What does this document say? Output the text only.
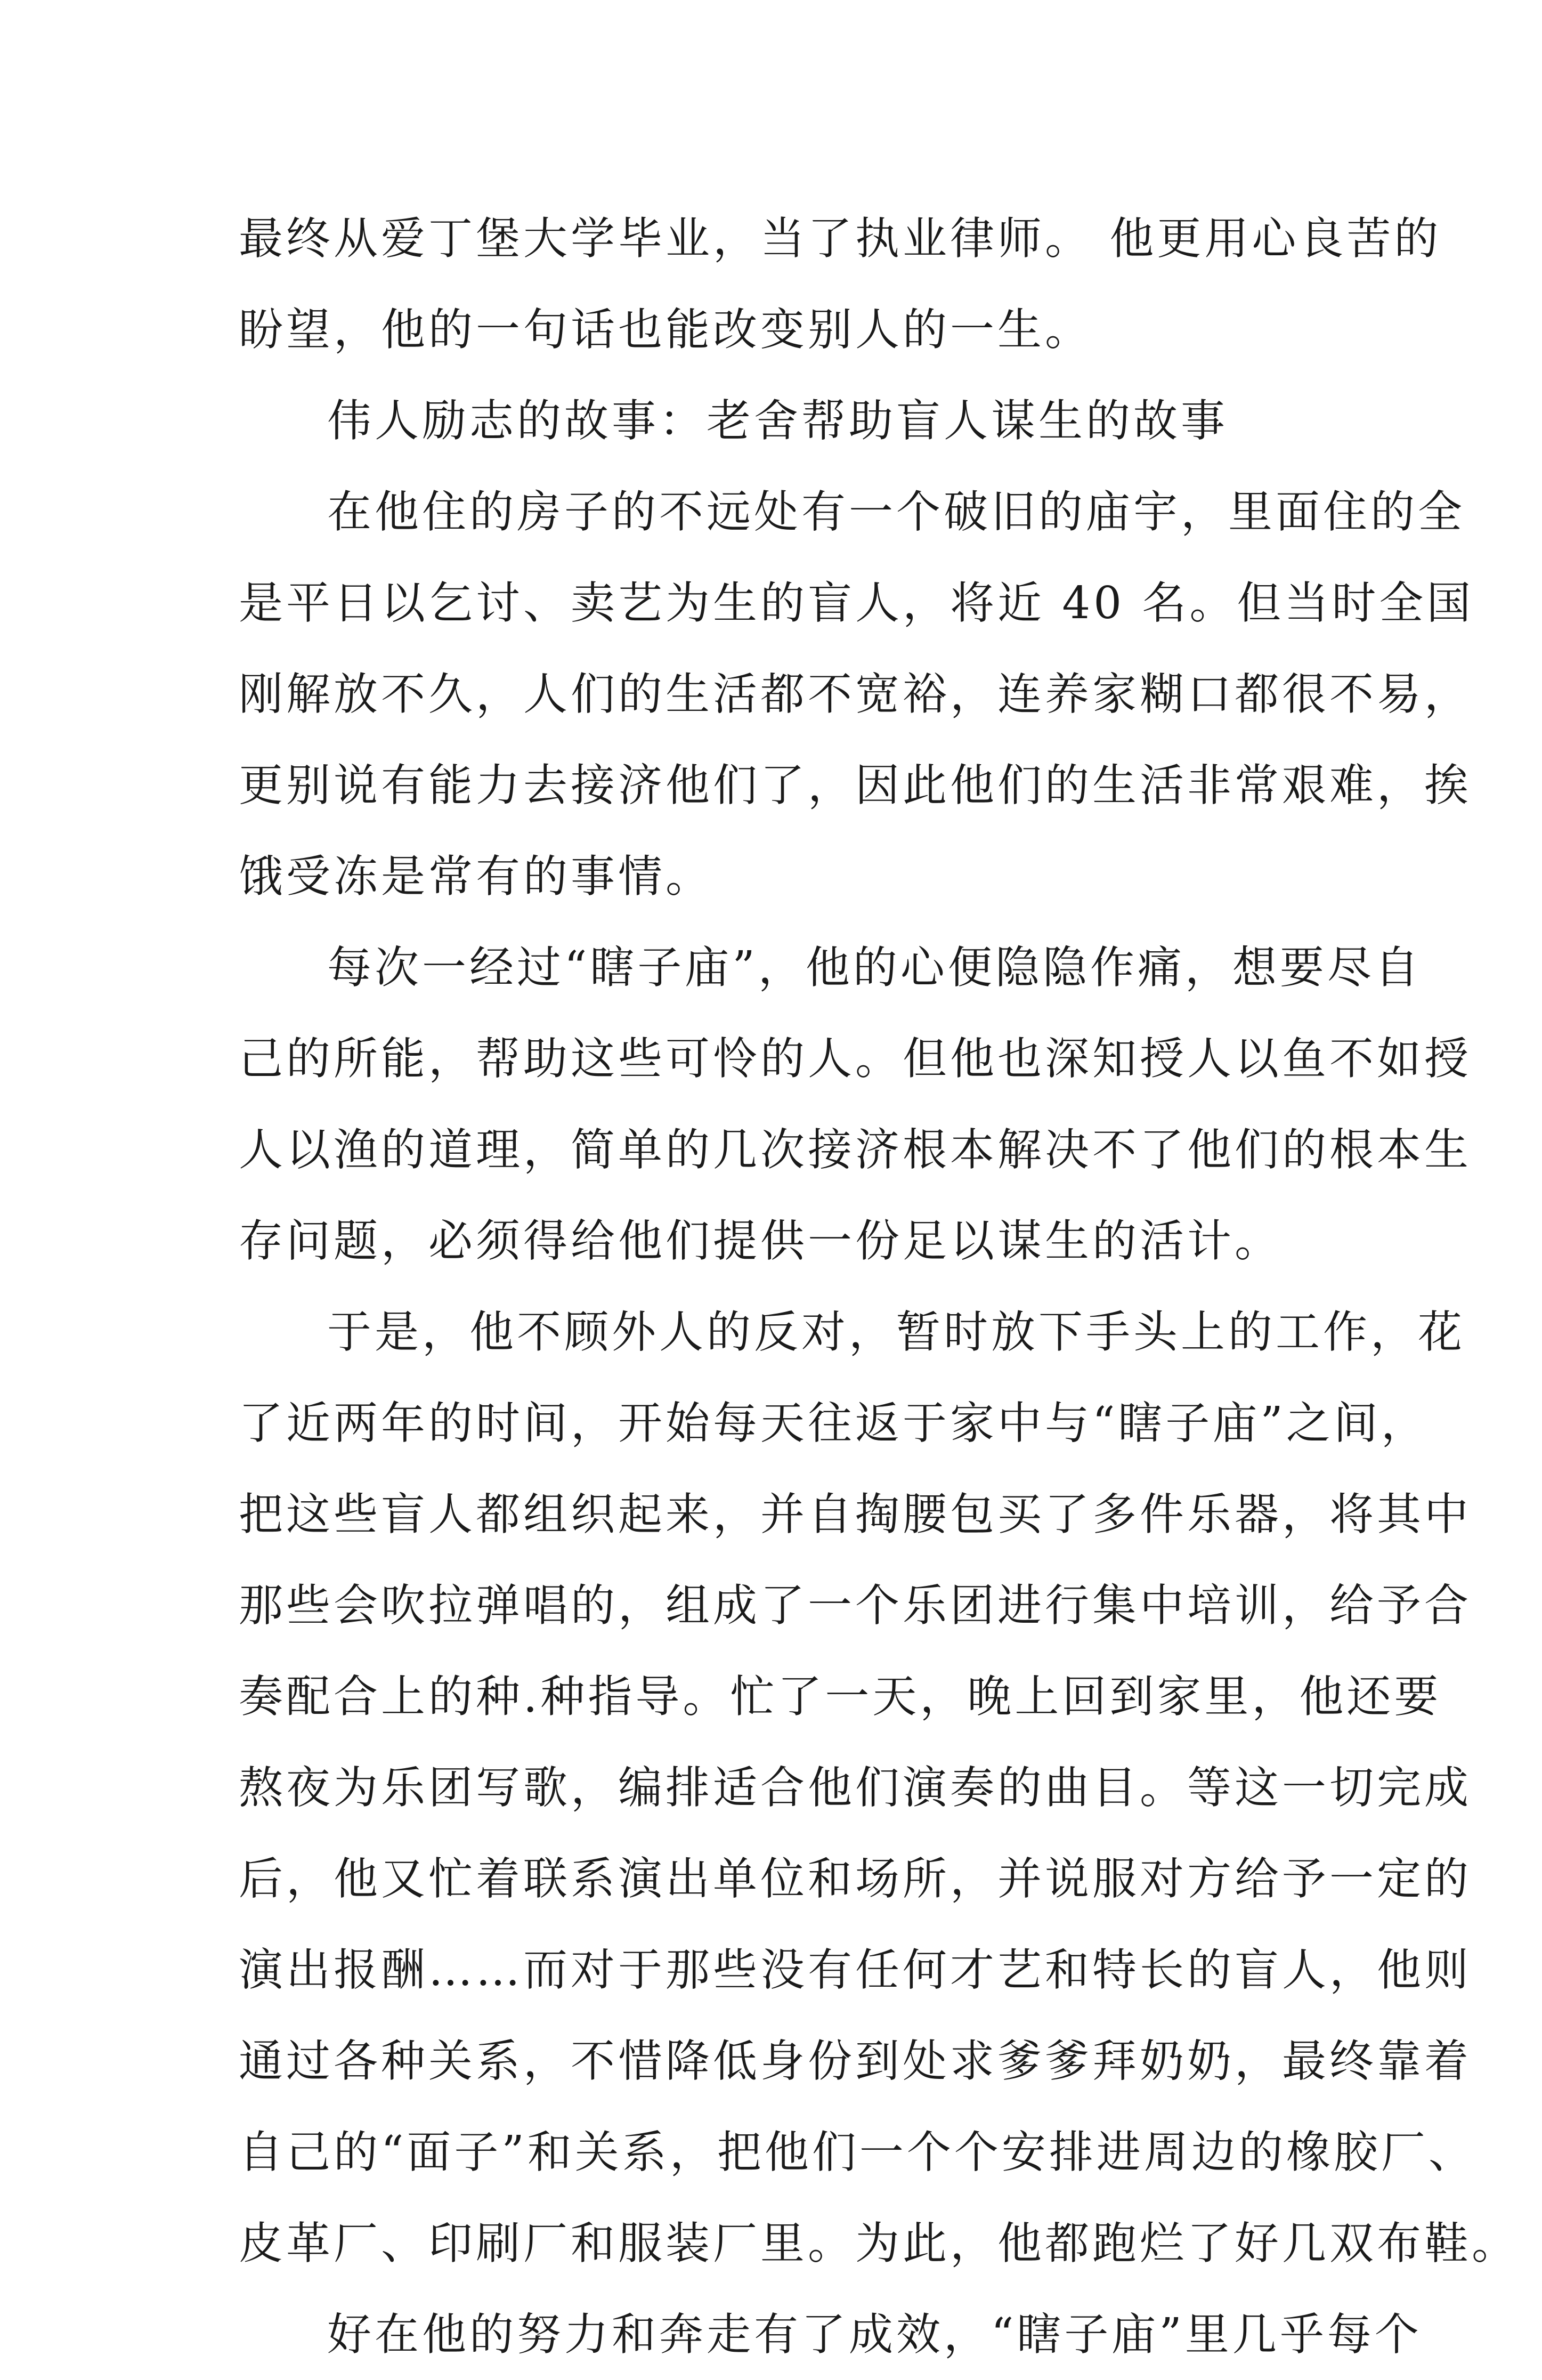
最终从爱丁堡大学毕业，当了执业律师。 他更用心良苦的
盼望，他的一句话也能改变别人的一生。
伟人励志的故事：老舍帮助盲人谋生的故事
在他住的房子的不远处有一个破旧的庙宇，里面住的全
是平日以乞讨、卖艺为生的盲人，将近 40 名。但当时全国
刚解放不久，人们的生活都不宽裕，连养家糊口都很不易，
更别说有能力去接济他们了，因此他们的生活非常艰难，挨
饿受冻是常有的事情。
每次一经过“瞎子庙”，他的心便隐隐作痛，想要尽自
己的所能，帮助这些可怜的人。但他也深知授人以鱼不如授
人以渔的道理，简单的几次接济根本解决不了他们的根本生
存问题，必须得给他们提供一份足以谋生的活计。
于是，他不顾外人的反对，暂时放下手头上的工作，花
了近两年的时间，开始每天往返于家中与“瞎子庙”之间，
把这些盲人都组织起来，并自掏腰包买了多件乐器，将其中
那些会吹拉弹唱的，组成了一个乐团进行集中培训，给予合
奏配合上的种.种指导。忙了一天，晚上回到家里，他还要
熬夜为乐团写歌，编排适合他们演奏的曲目。等这一切完成
后，他又忙着联系演出单位和场所，并说服对方给予一定的
演出报酬……而对于那些没有任何才艺和特长的盲人，他则
通过各种关系，不惜降低身份到处求爹爹拜奶奶，最终靠着
自己的“面子”和关系，把他们一个个安排进周边的橡胶厂、
皮革厂、印刷厂和服装厂里。为此，他都跑烂了好几双布鞋。
好在他的努力和奔走有了成效，“瞎子庙”里几乎每个
